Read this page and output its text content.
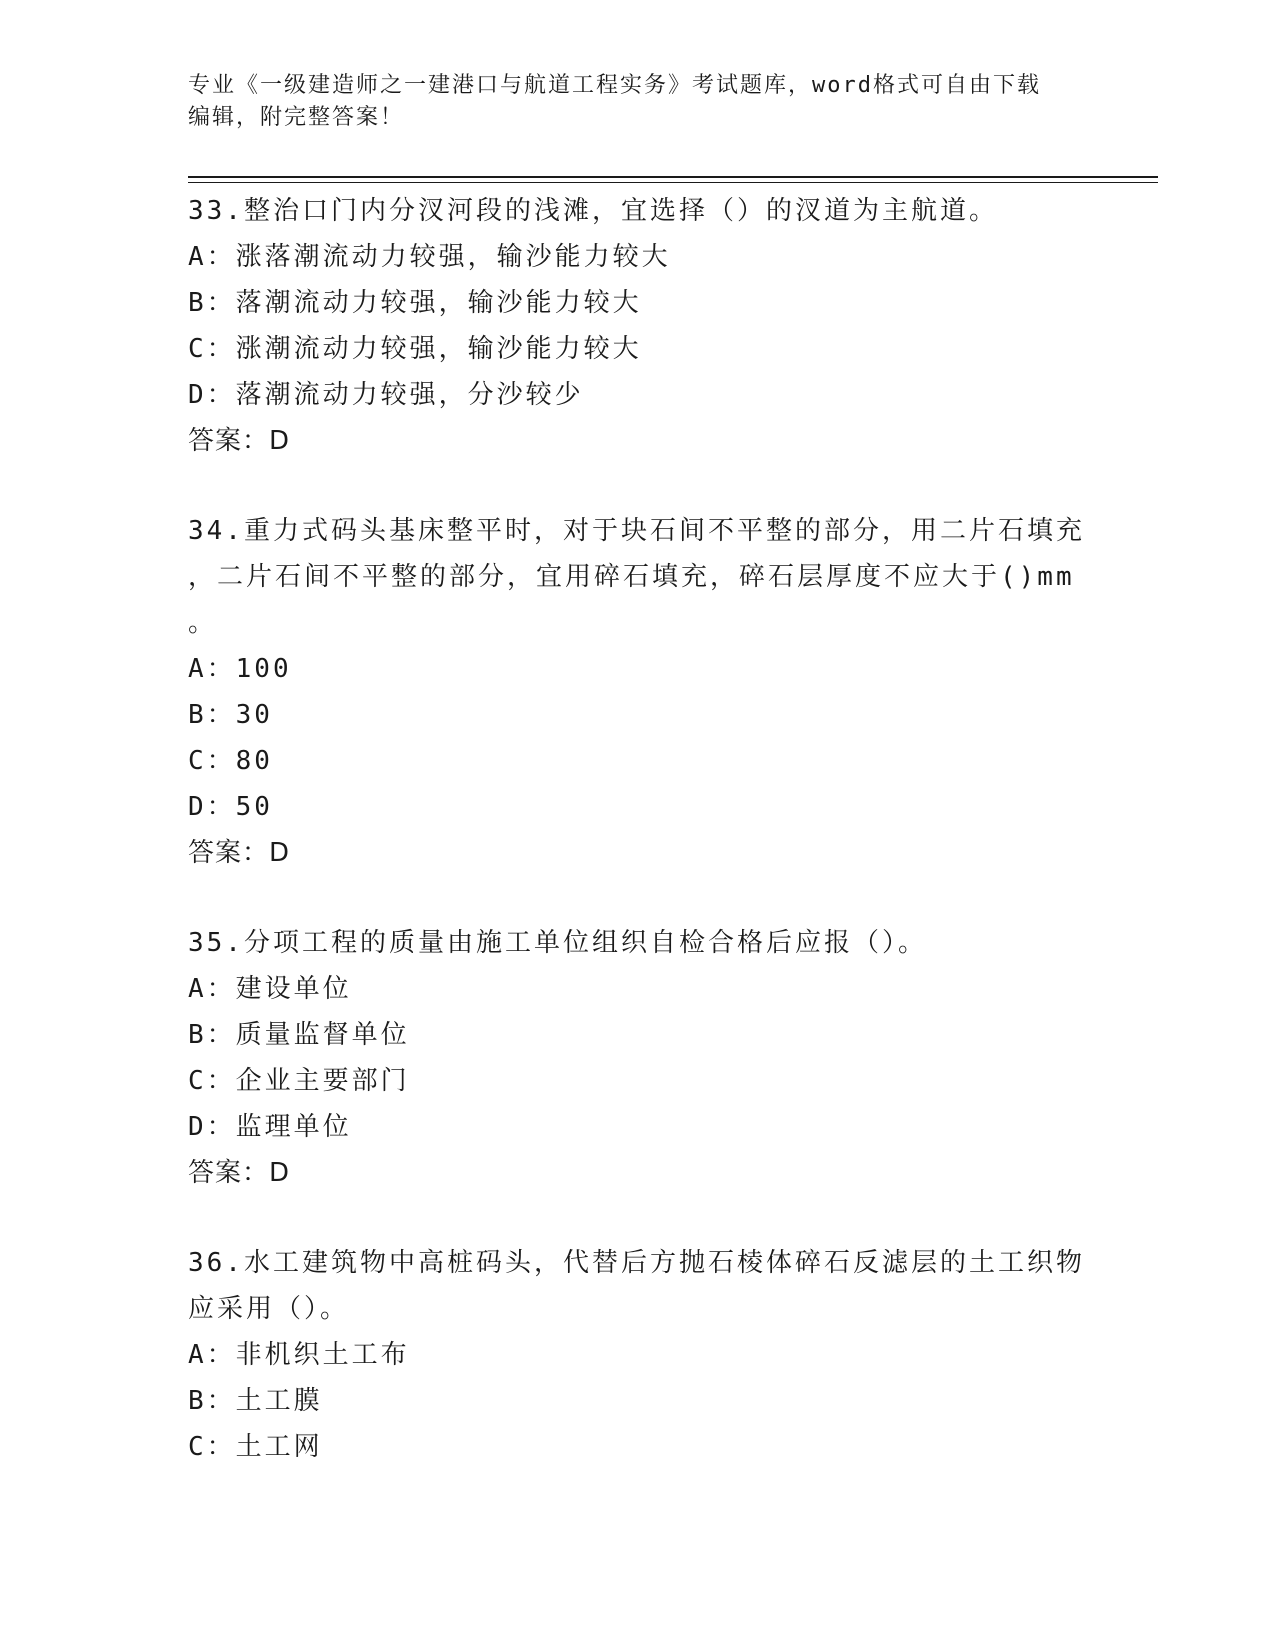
专业《一级建造师之一建港口与航道工程实务》考试题库，word格式可自由下载
编辑，附完整答案！
33.整治口门内分汊河段的浅滩，宜选择（）的汊道为主航道。
A：涨落潮流动力较强，输沙能力较大
B：落潮流动力较强，输沙能力较大
C：涨潮流动力较强，输沙能力较大
D：落潮流动力较强，分沙较少
答案：D
34.重力式码头基床整平时，对于块石间不平整的部分，用二片石填充
，二片石间不平整的部分，宜用碎石填充，碎石层厚度不应大于()mm
。
A：100
B：30
C：80
D：50
答案：D
35.分项工程的质量由施工单位组织自检合格后应报（）。
A：建设单位
B：质量监督单位
C：企业主要部门
D：监理单位
答案：D
36.水工建筑物中高桩码头，代替后方抛石棱体碎石反滤层的土工织物
应采用（）。
A：非机织土工布
B：土工膜
C：土工网
